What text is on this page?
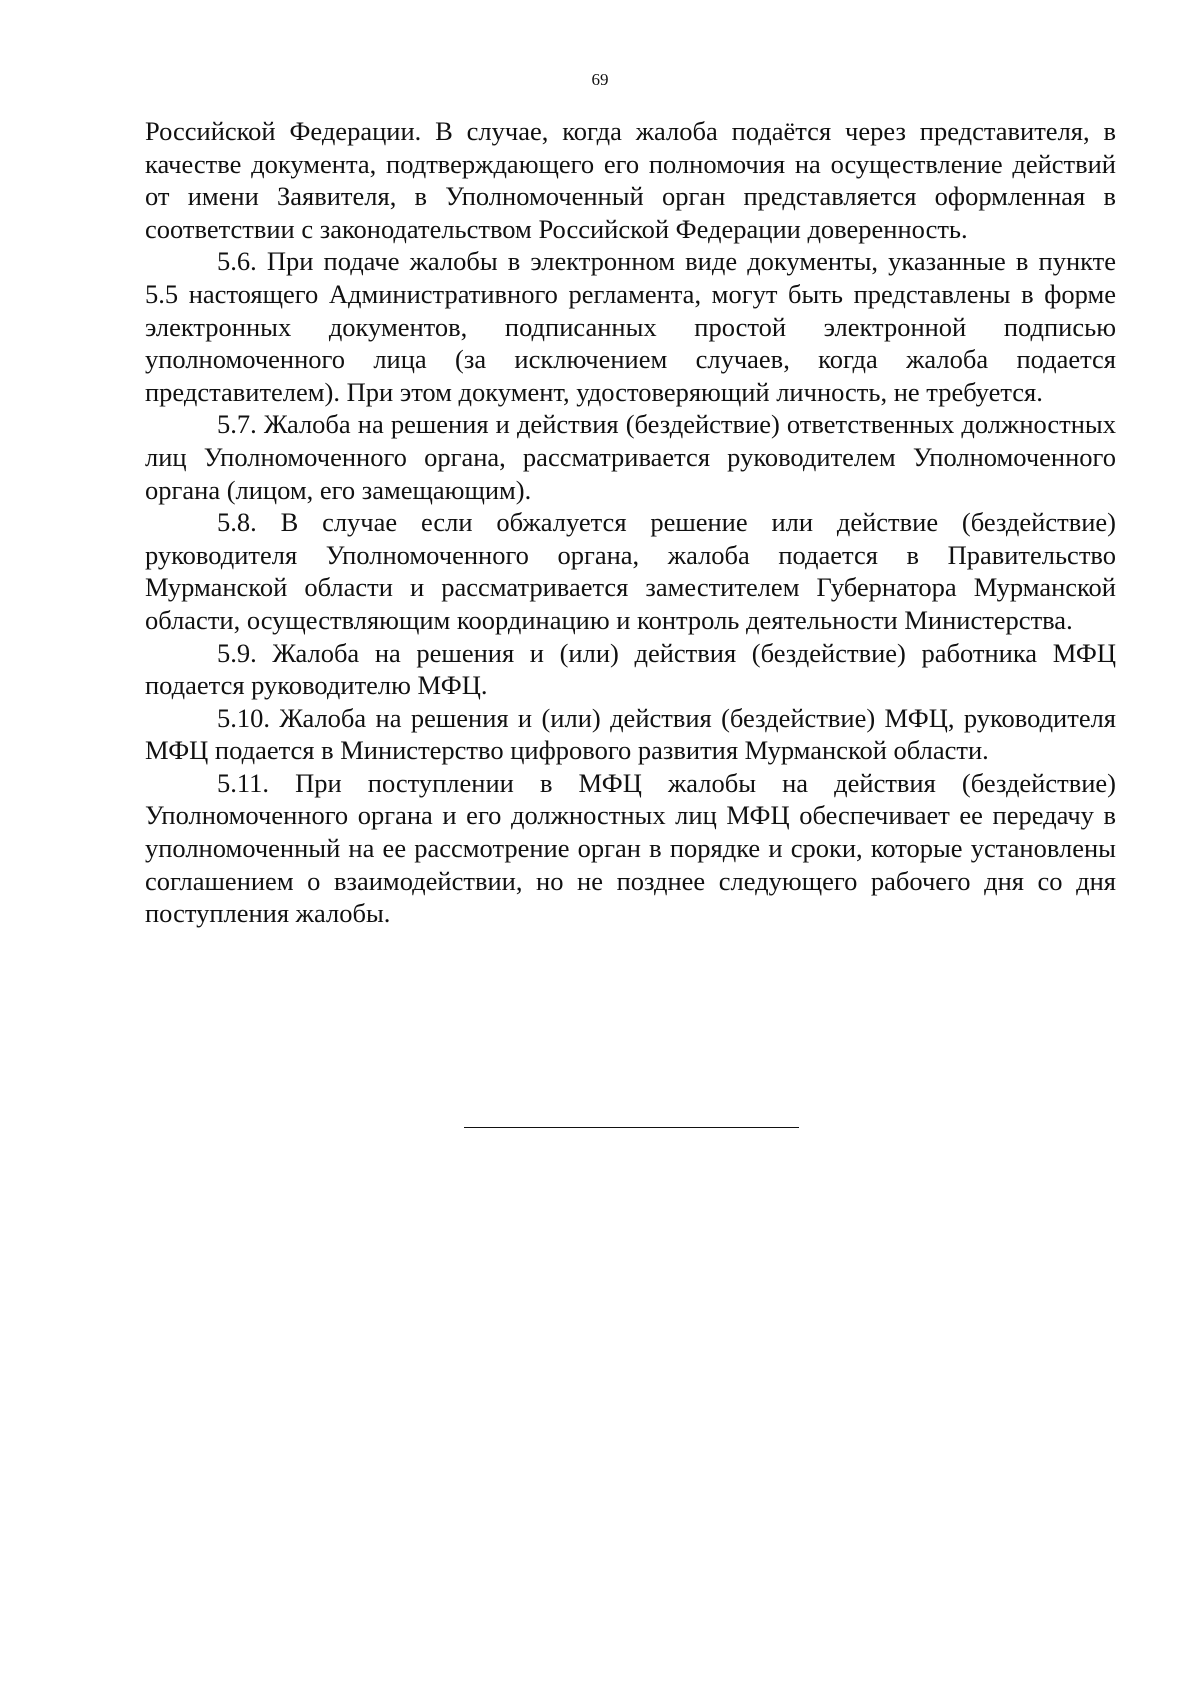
69

Российской Федерации. В случае, когда жалоба подаётся через представителя, в качестве документа, подтверждающего его полномочия на осуществление действий от имени Заявителя, в Уполномоченный орган представляется оформленная в соответствии с законодательством Российской Федерации доверенность.

5.6. При подаче жалобы в электронном виде документы, указанные в пункте 5.5 настоящего Административного регламента, могут быть представлены в форме электронных документов, подписанных простой электронной подписью уполномоченного лица (за исключением случаев, когда жалоба подается представителем). При этом документ, удостоверяющий личность, не требуется.

5.7. Жалоба на решения и действия (бездействие) ответственных должностных лиц Уполномоченного органа, рассматривается руководителем Уполномоченного органа (лицом, его замещающим).

5.8. В случае если обжалуется решение или действие (бездействие) руководителя Уполномоченного органа, жалоба подается в Правительство Мурманской области и рассматривается заместителем Губернатора Мурманской области, осуществляющим координацию и контроль деятельности Министерства.

5.9. Жалоба на решения и (или) действия (бездействие) работника МФЦ подается руководителю МФЦ.

5.10. Жалоба на решения и (или) действия (бездействие) МФЦ, руководителя МФЦ подается в Министерство цифрового развития Мурманской области.

5.11. При поступлении в МФЦ жалобы на действия (бездействие) Уполномоченного органа и его должностных лиц МФЦ обеспечивает ее передачу в уполномоченный на ее рассмотрение орган в порядке и сроки, которые установлены соглашением о взаимодействии, но не позднее следующего рабочего дня со дня поступления жалобы.
